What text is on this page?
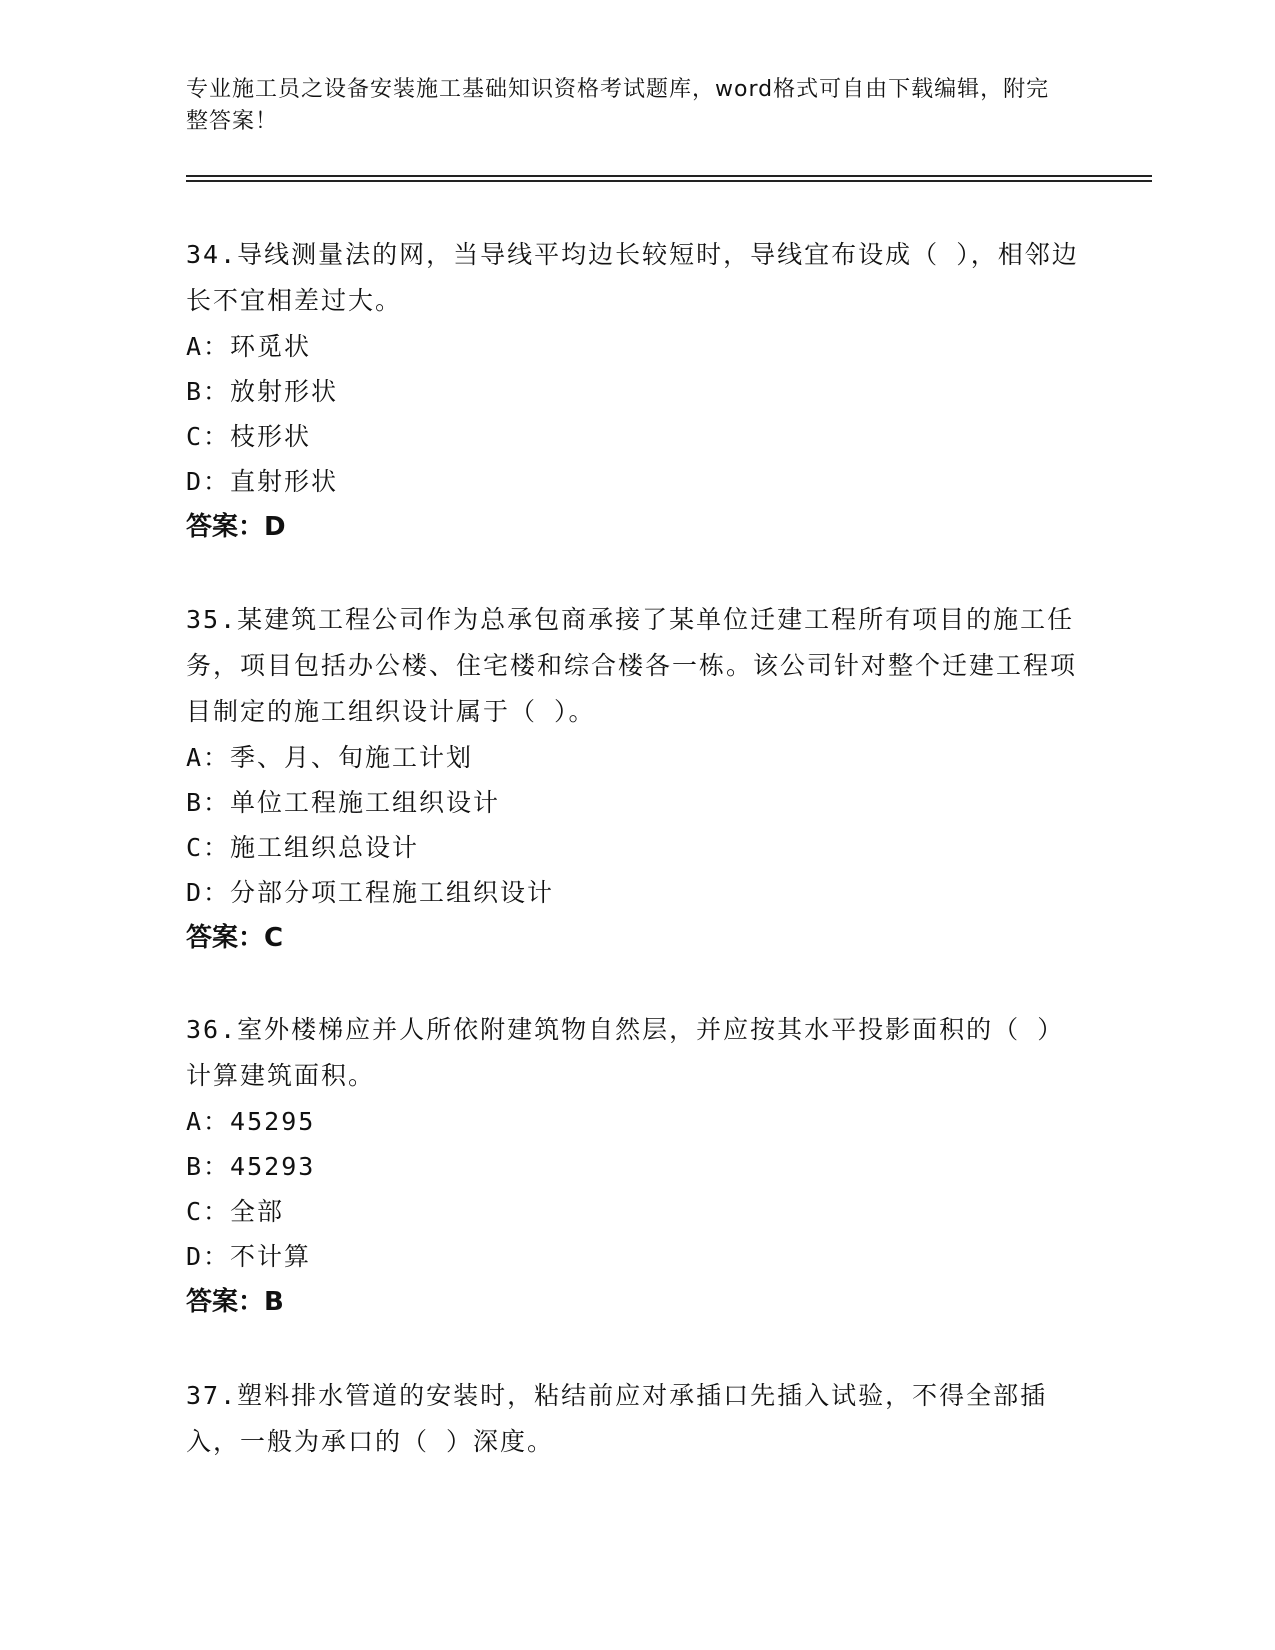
专业施工员之设备安装施工基础知识资格考试题库，word格式可自由下载编辑，附完整答案！

34.导线测量法的网，当导线平均边长较短时，导线宜布设成（ ），相邻边长不宜相差过大。

A：环觅状

B：放射形状

C：枝形状

D：直射形状

答案：D

35.某建筑工程公司作为总承包商承接了某单位迁建工程所有项目的施工任务，项目包括办公楼、住宅楼和综合楼各一栋。该公司针对整个迁建工程项目制定的施工组织设计属于（ ）。

A：季、月、旬施工计划

B：单位工程施工组织设计

C：施工组织总设计

D：分部分项工程施工组织设计

答案：C

36.室外楼梯应并人所依附建筑物自然层，并应按其水平投影面积的（ ）计算建筑面积。

A：45295

B：45293

C：全部

D：不计算

答案：B

37.塑料排水管道的安装时，粘结前应对承插口先插入试验，不得全部插入，一般为承口的（ ）深度。
